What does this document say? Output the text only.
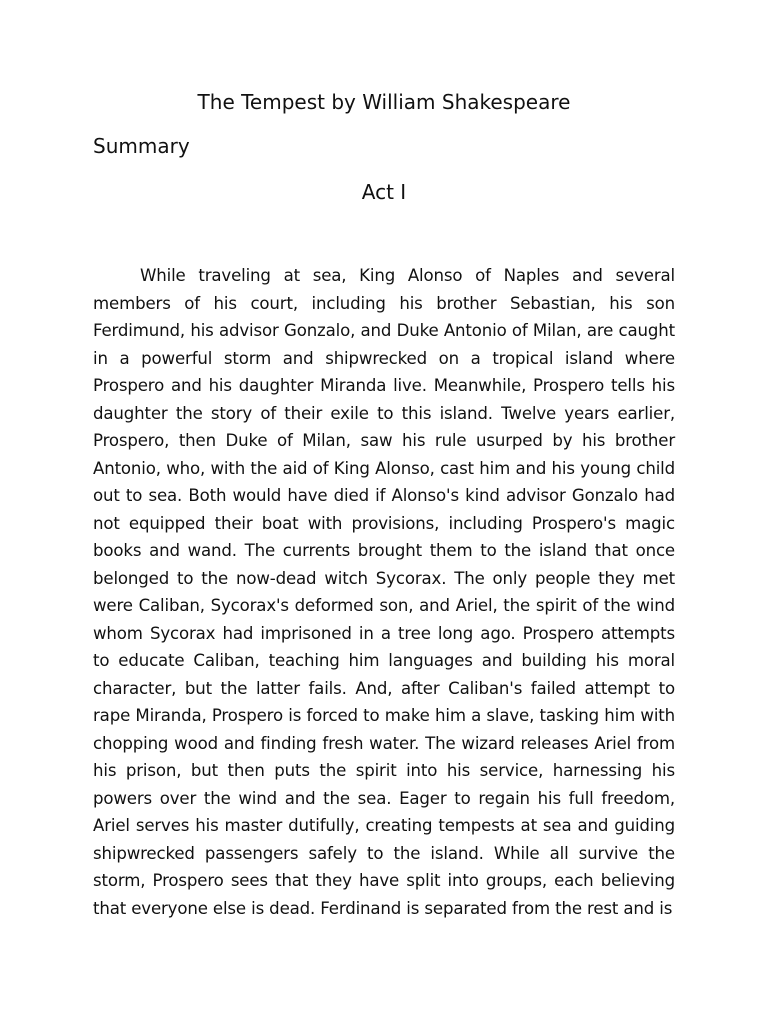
The Tempest by William Shakespeare
Summary
Act I

While traveling at sea, King Alonso of Naples and several members of his court, including his brother Sebastian, his son Ferdimund, his advisor Gonzalo, and Duke Antonio of Milan, are caught in a powerful storm and shipwrecked on a tropical island where Prospero and his daughter Miranda live. Meanwhile, Prospero tells his daughter the story of their exile to this island. Twelve years earlier, Prospero, then Duke of Milan, saw his rule usurped by his brother Antonio, who, with the aid of King Alonso, cast him and his young child out to sea. Both would have died if Alonso's kind advisor Gonzalo had not equipped their boat with provisions, including Prospero's magic books and wand. The currents brought them to the island that once belonged to the now-dead witch Sycorax. The only people they met were Caliban, Sycorax's deformed son, and Ariel, the spirit of the wind whom Sycorax had imprisoned in a tree long ago. Prospero attempts to educate Caliban, teaching him languages and building his moral character, but the latter fails. And, after Caliban's failed attempt to rape Miranda, Prospero is forced to make him a slave, tasking him with chopping wood and finding fresh water. The wizard releases Ariel from his prison, but then puts the spirit into his service, harnessing his powers over the wind and the sea. Eager to regain his full freedom, Ariel serves his master dutifully, creating tempests at sea and guiding shipwrecked passengers safely to the island. While all survive the storm, Prospero sees that they have split into groups, each believing that everyone else is dead. Ferdinand is separated from the rest and is
